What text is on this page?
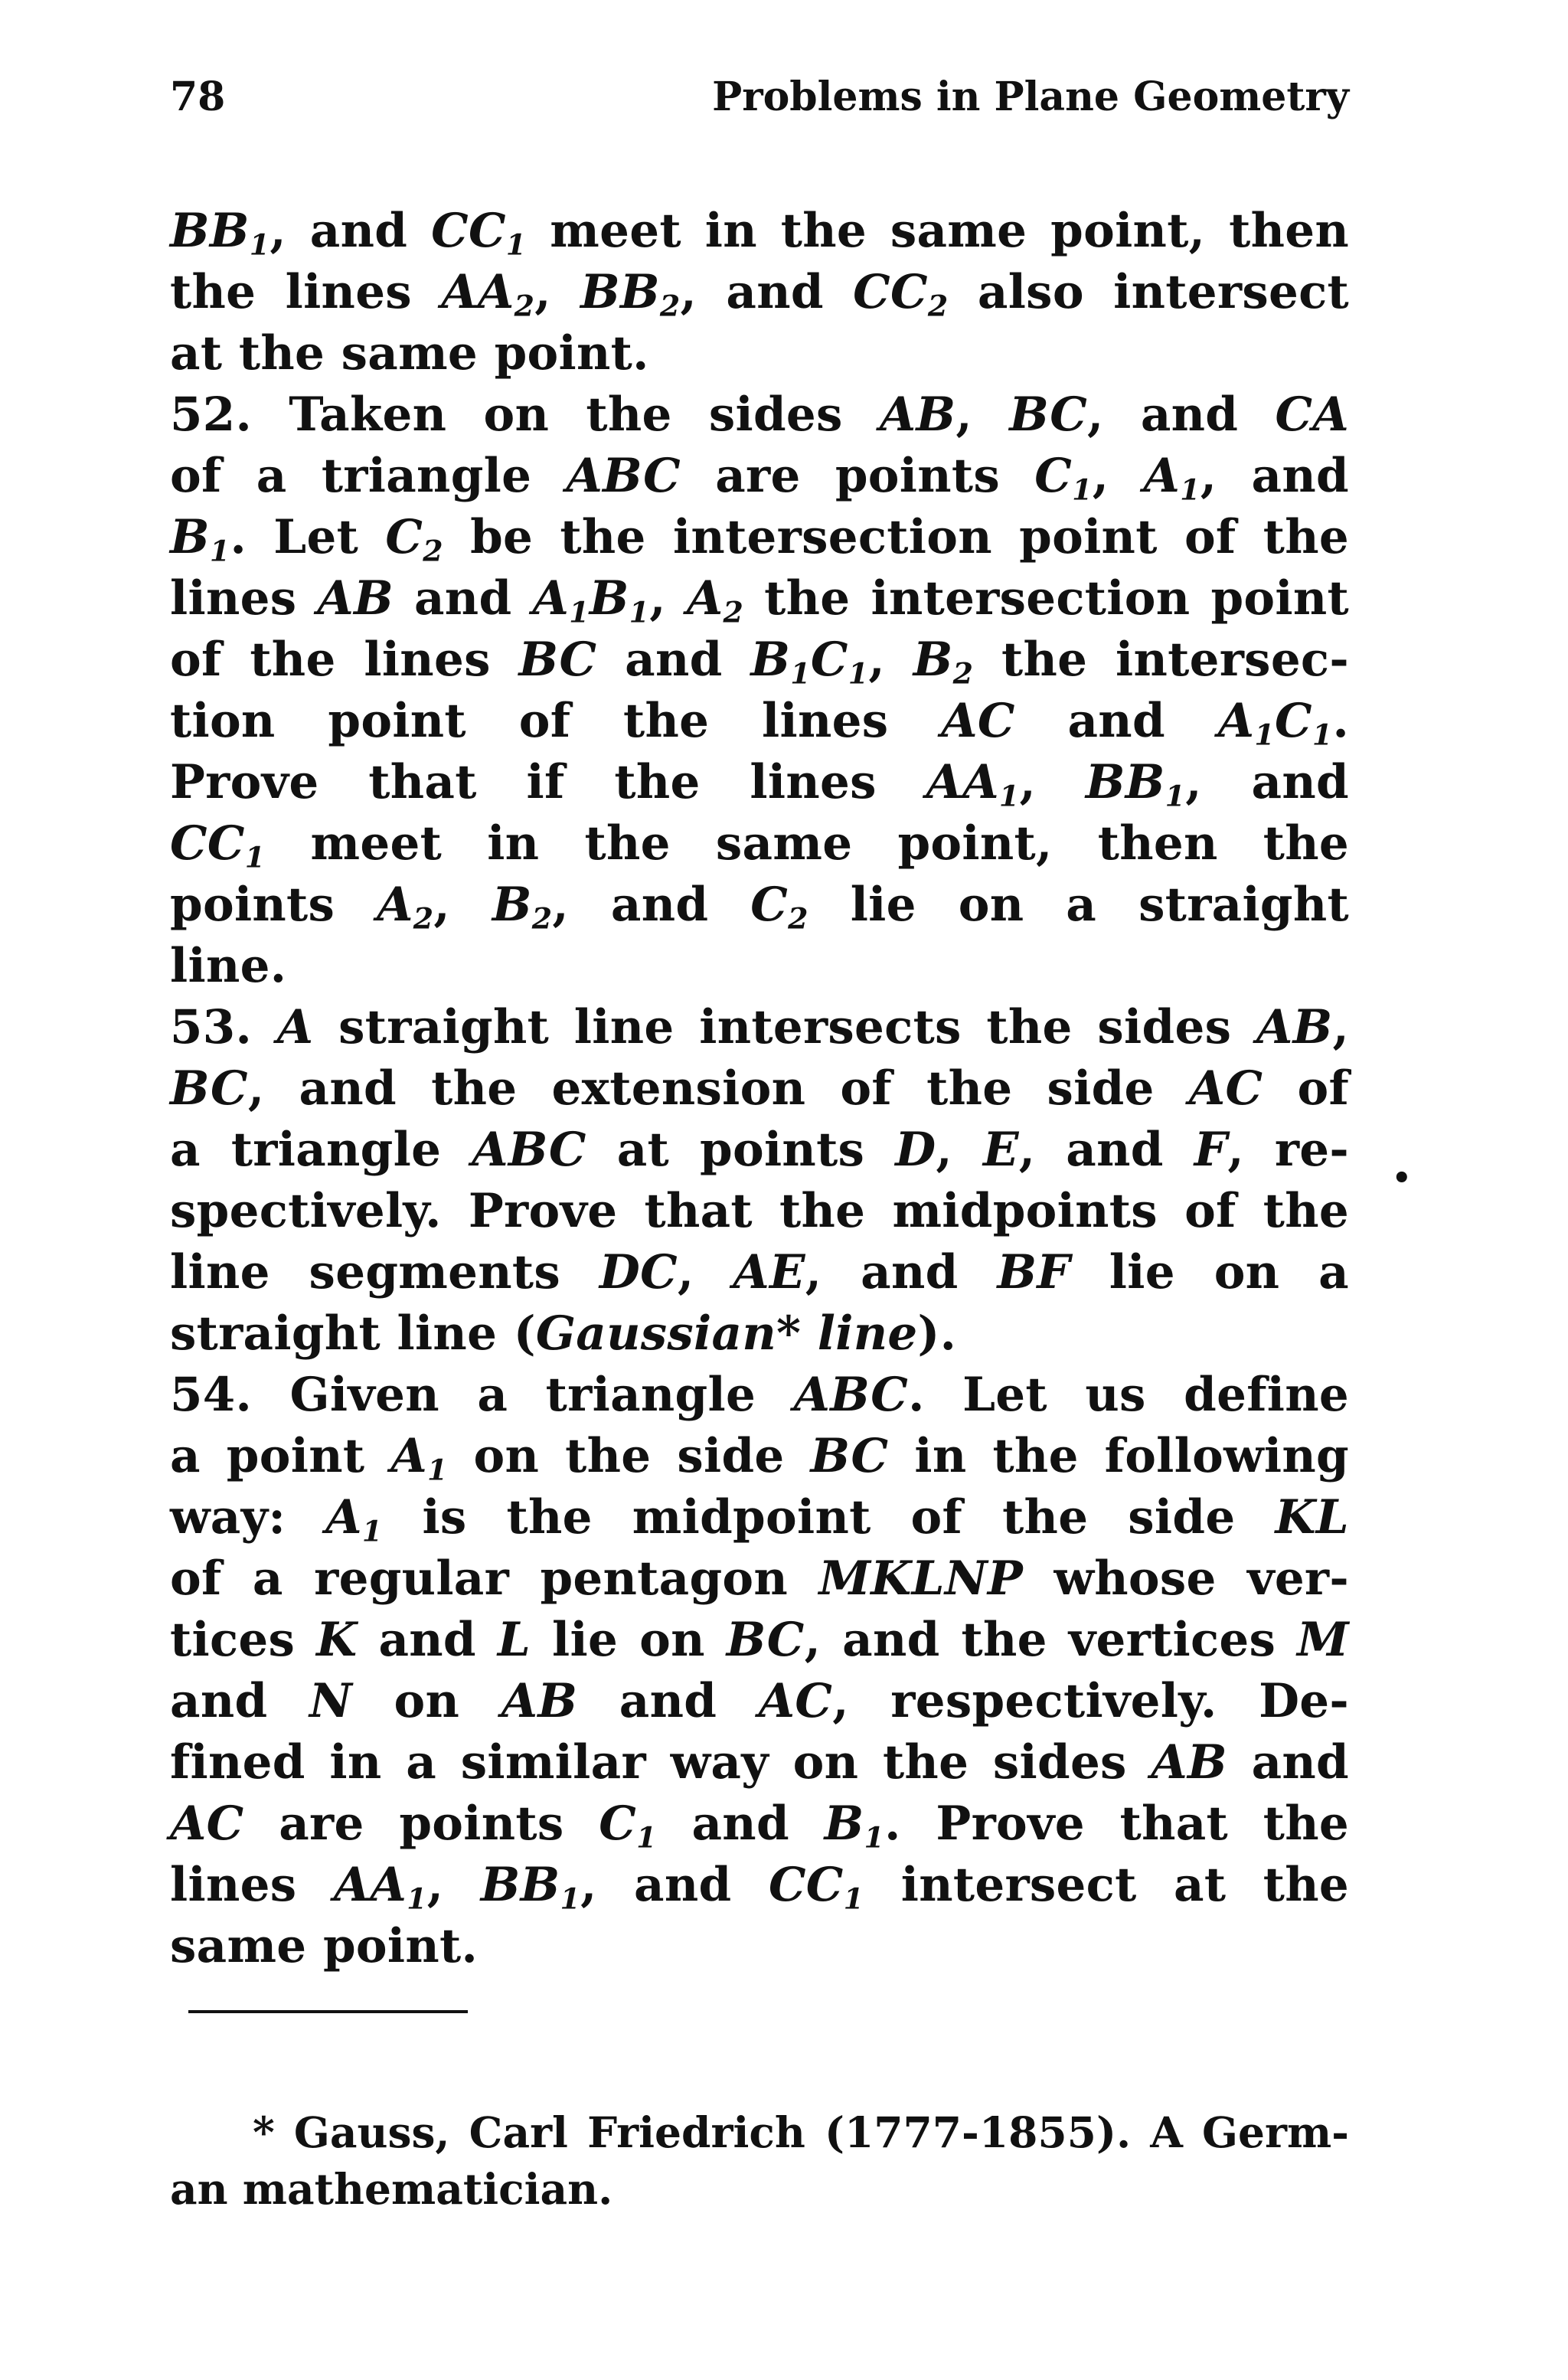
78	Problems in Plane Geometry
$BB_1$, and $CC_1$ meet in the same point, then
the lines $AA_2$, $BB_2$, and $CC_2$ also intersect
at the same point.
52. Taken on the sides AB, BC, and CA
of a triangle ABC are points $C_1$, $A_1$, and
$B_1$. Let $C_2$ be the intersection point of the
lines AB and $A_1B_1$, $A_2$ the intersection point
of the lines BC and $B_1C_1$, $B_2$ the intersec-
tion point of the lines AC and $A_1C_1$.
Prove that if the lines $AA_1$, $BB_1$, and
$CC_1$ meet in the same point, then the
points $A_2$, $B_2$, and $C_2$ lie on a straight
line.
53. A straight line intersects the sides AB,
BC, and the extension of the side AC of
a triangle ABC at points D, E, and F, re-
spectively. Prove that the midpoints of the
line segments DC, AE, and BF lie on a
straight line (Gaussian* line).
54. Given a triangle ABC. Let us define
a point $A_1$ on the side BC in the following
way: $A_1$ is the midpoint of the side KL
of a regular pentagon MKLNP whose ver-
tices K and L lie on BC, and the vertices M
and N on AB and AC, respectively. De-
fined in a similar way on the sides AB and
AC are points $C_1$ and $B_1$. Prove that the
lines $AA_1$, $BB_1$, and $CC_1$ intersect at the
same point.
•
* Gauss, Carl Friedrich (1777-1855). A Germ-
an mathematician.
